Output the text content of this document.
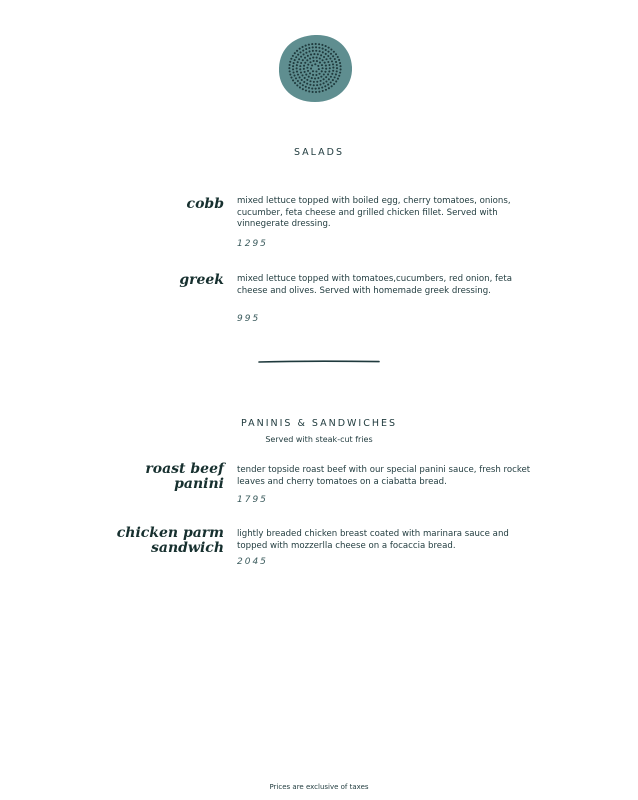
SALADS
cobb mixed lettuce topped with boiled egg, cherry tomatoes, onions, cucumber, feta cheese and grilled chicken fillet. Served with vinnegerate dressing.
1295
greek mixed lettuce topped with tomatoes,cucumbers, red onion, feta cheese and olives. Served with homemade greek dressing.
995
PANINIS & SANDWICHES
Served with steak-cut fries
roast beef
panini
tender topside roast beef with our special panini sauce, fresh rocket leaves and cherry tomatoes on a ciabatta bread.
1795
chicken parm
sandwich
lightly breaded chicken breast coated with marinara sauce and topped with mozzerlla cheese on a focaccia bread.
2045
Prices are exclusive of taxes
